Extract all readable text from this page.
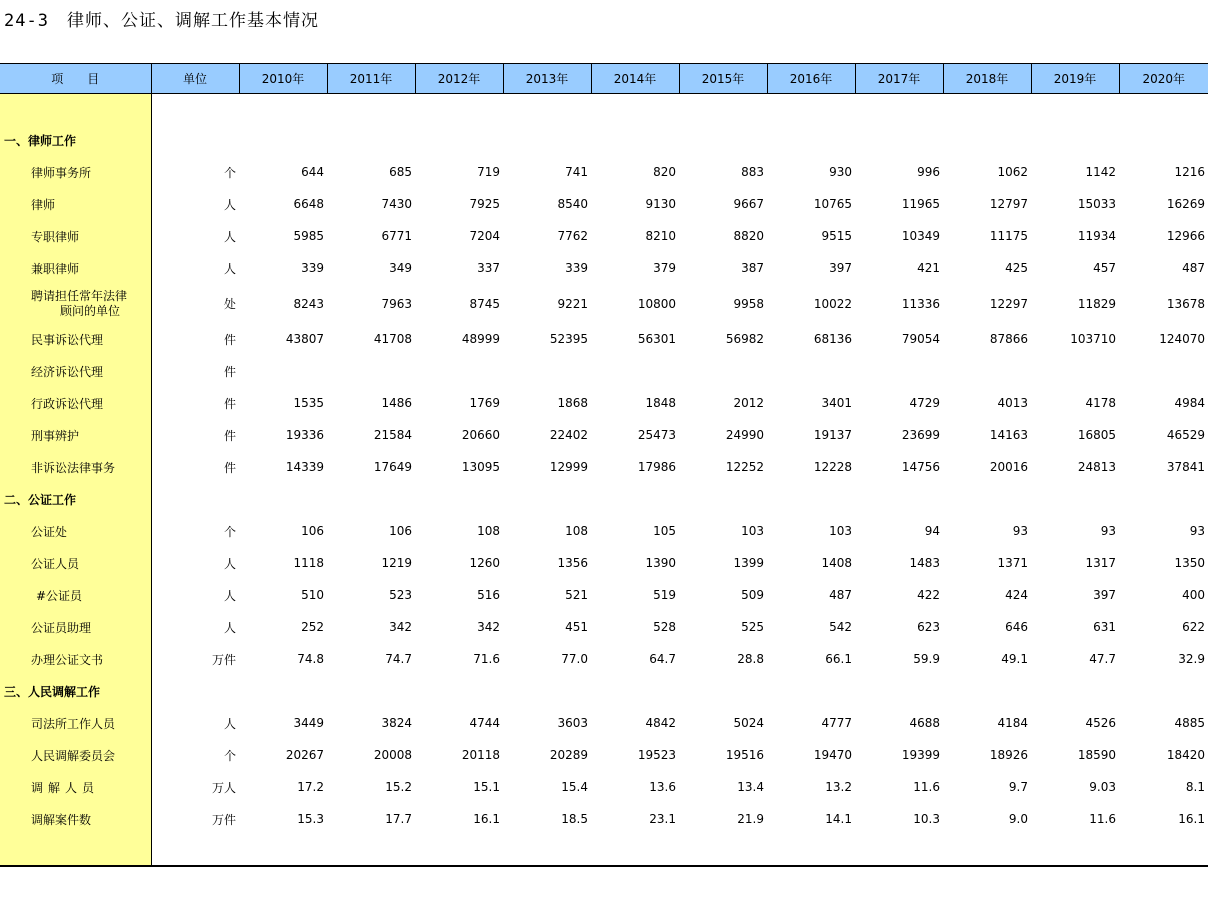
24-3　律师、公证、调解工作基本情况
项　　目	单位	2010年	2011年	2012年	2013年	2014年	2015年	2016年	2017年	2018年	2019年	2020年

一、律师工作												
律师事务所	个	644	685	719	741	820	883	930	996	1062	1142	1216
律师	人	6648	7430	7925	8540	9130	9667	10765	11965	12797	15033	16269
专职律师	人	5985	6771	7204	7762	8210	8820	9515	10349	11175	11934	12966
兼职律师	人	339	349	337	339	379	387	397	421	425	457	487

聘请担任常年法律
顾问的单位	处	8243	7963	8745	9221	10800	9958	10022	11336	12297	11829	13678
民事诉讼代理	件	43807	41708	48999	52395	56301	56982	68136	79054	87866	103710	124070
经济诉讼代理	件											
行政诉讼代理	件	1535	1486	1769	1868	1848	2012	3401	4729	4013	4178	4984
刑事辨护	件	19336	21584	20660	22402	25473	24990	19137	23699	14163	16805	46529
非诉讼法律事务	件	14339	17649	13095	12999	17986	12252	12228	14756	20016	24813	37841
二、公证工作												
公证处	个	106	106	108	108	105	103	103	94	93	93	93
公证人员	人	1118	1219	1260	1356	1390	1399	1408	1483	1371	1317	1350
#公证员	人	510	523	516	521	519	509	487	422	424	397	400
公证员助理	人	252	342	342	451	528	525	542	623	646	631	622
办理公证文书	万件	74.8	74.7	71.6	77.0	64.7	28.8	66.1	59.9	49.1	47.7	32.9
三、人民调解工作												
司法所工作人员	人	3449	3824	4744	3603	4842	5024	4777	4688	4184	4526	4885
人民调解委员会	个	20267	20008	20118	20289	19523	19516	19470	19399	18926	18590	18420
调解人员	万人	17.2	15.2	15.1	15.4	13.6	13.4	13.2	11.6	9.7	9.03	8.1
调解案件数	万件	15.3	17.7	16.1	18.5	23.1	21.9	14.1	10.3	9.0	11.6	16.1
